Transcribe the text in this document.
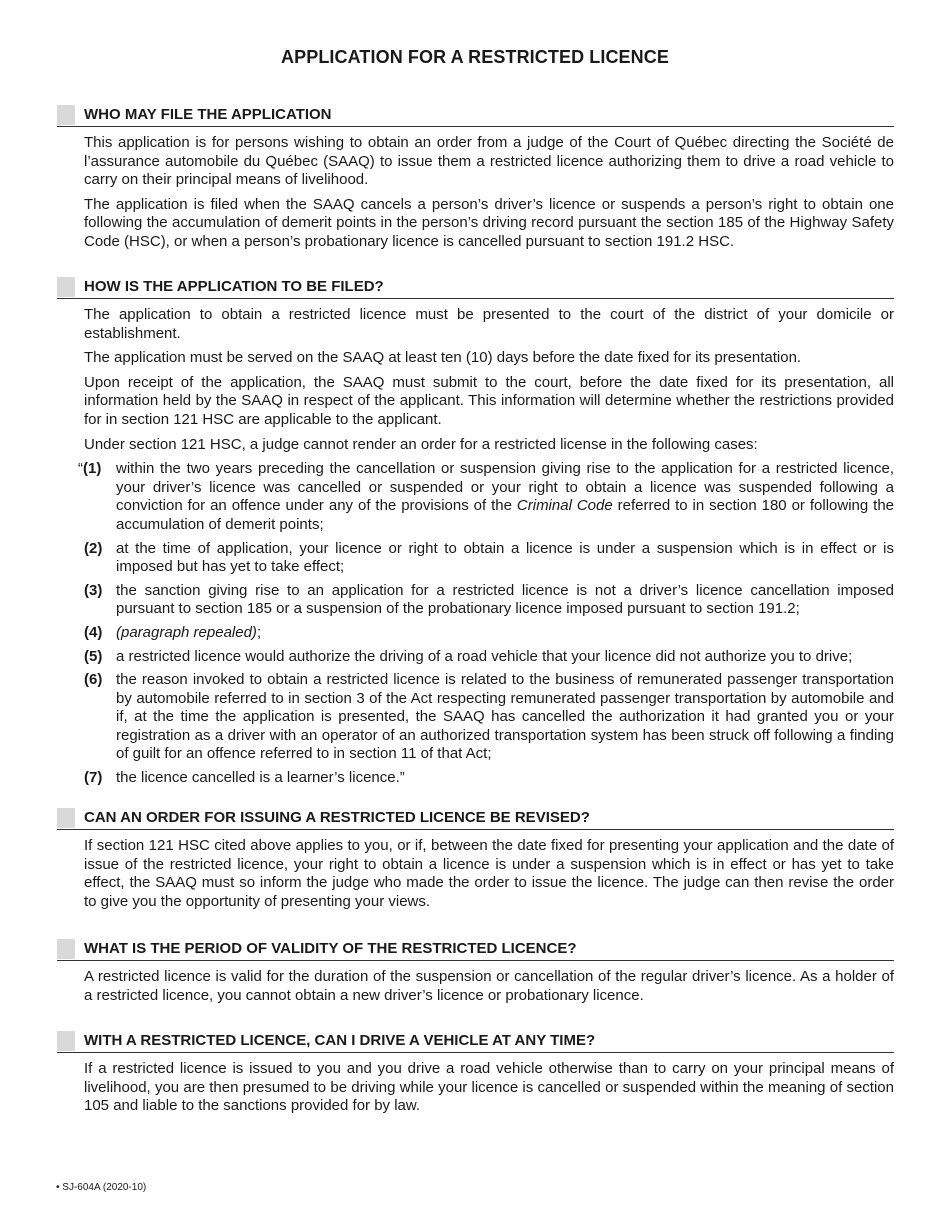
APPLICATION FOR A RESTRICTED LICENCE
WHO MAY FILE THE APPLICATION

This application is for persons wishing to obtain an order from a judge of the Court of Québec directing the Société de l’assurance automobile du Québec (SAAQ) to issue them a restricted licence authorizing them to drive a road vehicle to carry on their principal means of livelihood.

The application is filed when the SAAQ cancels a person’s driver’s licence or suspends a person’s right to obtain one following the accumulation of demerit points in the person’s driving record pursuant the section 185 of the Highway Safety Code (HSC), or when a person’s probationary licence is cancelled pursuant to section 191.2 HSC.

HOW IS THE APPLICATION TO BE FILED?

The application to obtain a restricted licence must be presented to the court of the district of your domicile or establishment.

The application must be served on the SAAQ at least ten (10) days before the date fixed for its presentation.

Upon receipt of the application, the SAAQ must submit to the court, before the date fixed for its presentation, all information held by the SAAQ in respect of the applicant. This information will determine whether the restrictions provided for in section 121 HSC are applicable to the applicant.

Under section 121 HSC, a judge cannot render an order for a restricted license in the following cases:

“(1) within the two years preceding the cancellation or suspension giving rise to the application for a restricted licence, your driver’s licence was cancelled or suspended or your right to obtain a licence was suspended following a conviction for an offence under any of the provisions of the Criminal Code referred to in section 180 or following the accumulation of demerit points;
(2) at the time of application, your licence or right to obtain a licence is under a suspension which is in effect or is imposed but has yet to take effect;
(3) the sanction giving rise to an application for a restricted licence is not a driver’s licence cancellation imposed pursuant to section 185 or a suspension of the probationary licence imposed pursuant to section 191.2;
(4) (paragraph repealed);
(5) a restricted licence would authorize the driving of a road vehicle that your licence did not authorize you to drive;
(6) the reason invoked to obtain a restricted licence is related to the business of remunerated passenger transportation by automobile referred to in section 3 of the Act respecting remunerated passenger transportation by automobile and if, at the time the application is presented, the SAAQ has cancelled the authorization it had granted you or your registration as a driver with an operator of an authorized transportation system has been struck off following a finding of guilt for an offence referred to in section 11 of that Act;
(7) the licence cancelled is a learner’s licence.”
CAN AN ORDER FOR ISSUING A RESTRICTED LICENCE BE REVISED?

If section 121 HSC cited above applies to you, or if, between the date fixed for presenting your application and the date of issue of the restricted licence, your right to obtain a licence is under a suspension which is in effect or has yet to take effect, the SAAQ must so inform the judge who made the order to issue the licence. The judge can then revise the order to give you the opportunity of presenting your views.

WHAT IS THE PERIOD OF VALIDITY OF THE RESTRICTED LICENCE?

A restricted licence is valid for the duration of the suspension or cancellation of the regular driver’s licence. As a holder of a restricted licence, you cannot obtain a new driver’s licence or probationary licence.

WITH A RESTRICTED LICENCE, CAN I DRIVE A VEHICLE AT ANY TIME?

If a restricted licence is issued to you and you drive a road vehicle otherwise than to carry on your principal means of livelihood, you are then presumed to be driving while your licence is cancelled or suspended within the meaning of section 105 and liable to the sanctions provided for by law.

• SJ-604A (2020-10)
